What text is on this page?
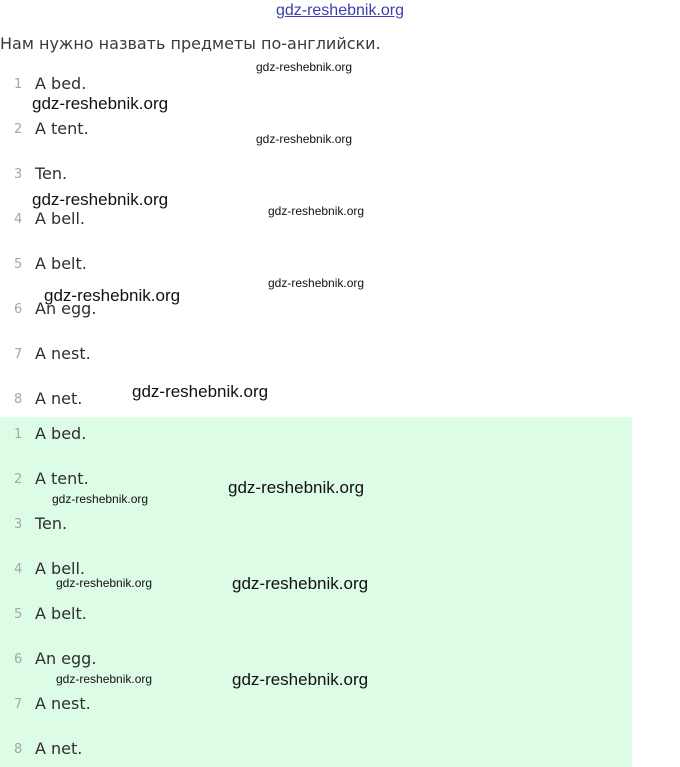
gdz-reshebnik.org
Нам нужно назвать предметы по-английски.
1 A bed.
2 A tent.
3 Ten.
4 A bell.
5 A belt.
6 An egg.
7 A nest.
8 A net.
1 A bed.
2 A tent.
3 Ten.
4 A bell.
5 A belt.
6 An egg.
7 A nest.
8 A net.
gdz-reshebnik.org
gdz-reshebnik.org
gdz-reshebnik.org
gdz-reshebnik.org
gdz-reshebnik.org
gdz-reshebnik.org
gdz-reshebnik.org
gdz-reshebnik.org
gdz-reshebnik.org
gdz-reshebnik.org
gdz-reshebnik.org	gdz-reshebnik.org
gdz-reshebnik.org	gdz-reshebnik.org
